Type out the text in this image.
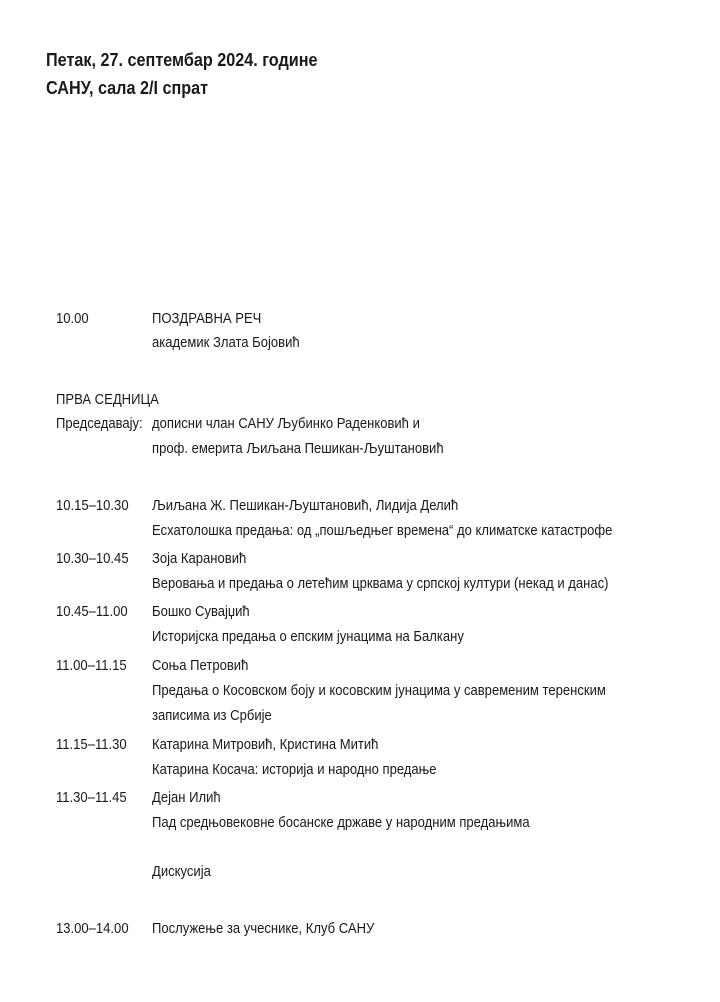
Петак, 27. септембар 2024. године
САНУ, сала 2/I спрат
10.00	ПОЗДРАВНА РЕЧ
академик Злата Бојовић
ПРВА СЕДНИЦА
Председавају: дописни члан САНУ Љубинко Раденковић и
проф. емерита Љиљана Пешикан-Љуштановић
10.15–10.30 Љиљана Ж. Пешикан-Љуштановић, Лидија Делић
Есхатолошка предања: од „пошљедњег времена“ до климатске катастрофе
10.30–10.45 Зоја Карановић
Веровања и предања о летећим црквама у српској култури (некад и данас)
10.45–11.00 Бошко Сувајџић
Историјска предања о епским јунацима на Балкану
11.00–11.15 Соња Петровић
Предања о Косовском боју и косовским јунацима у савременим теренским
записима из Србије
11.15–11.30 Катарина Митровић, Кристина Митић
Катарина Косача: историја и народно предање
11.30–11.45 Дејан Илић
Пад средњовековне босанске државе у народним предањима
Дискусија
13.00–14.00 Послужење за учеснике, Клуб САНУ
